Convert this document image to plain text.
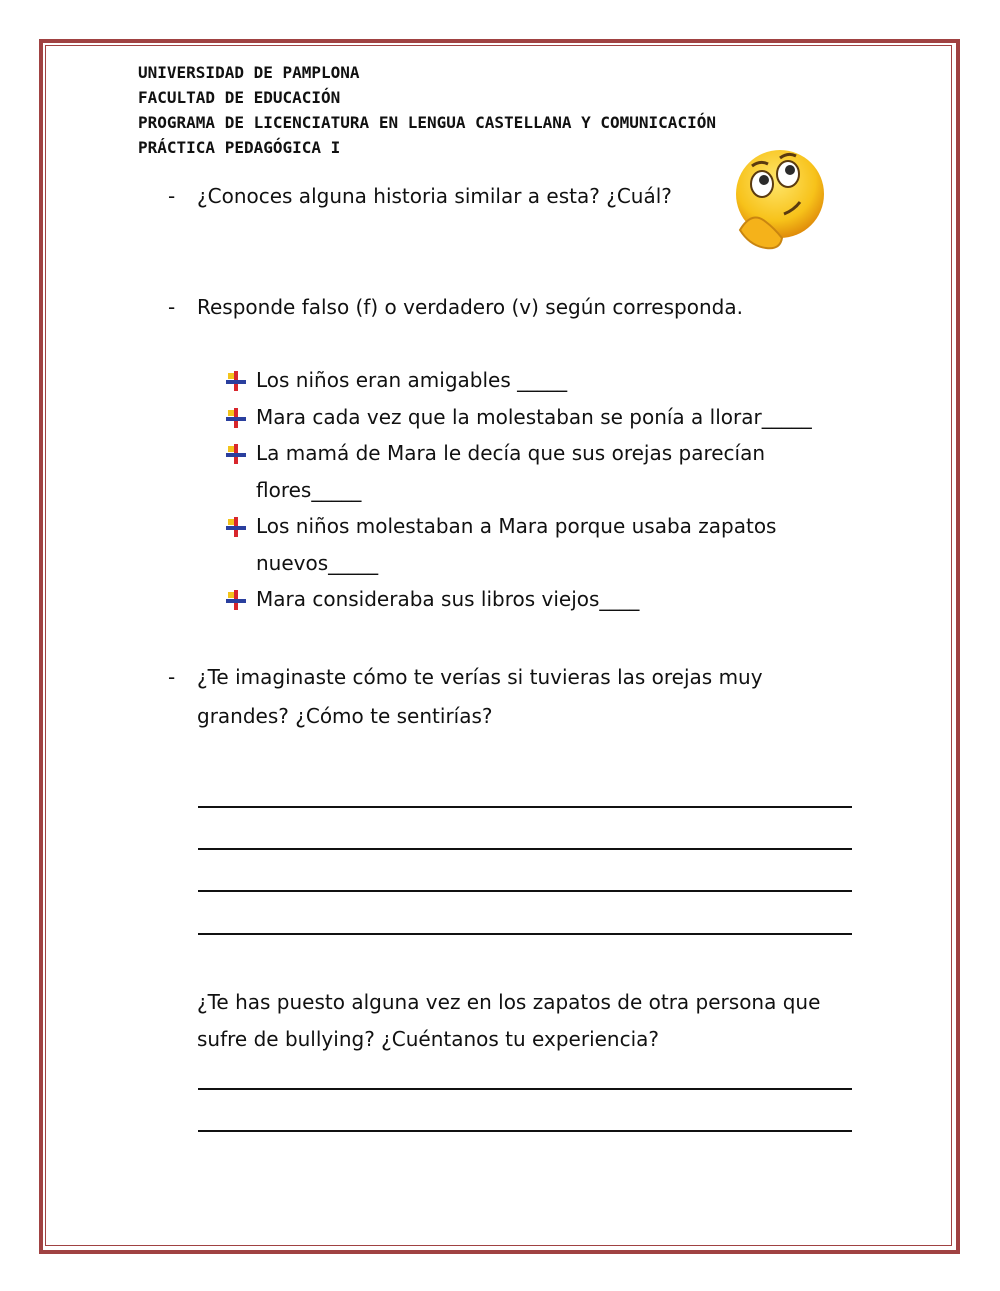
UNIVERSIDAD DE PAMPLONA
FACULTAD DE EDUCACIÓN
PROGRAMA DE LICENCIATURA EN LENGUA CASTELLANA Y COMUNICACIÓN
PRÁCTICA PEDAGÓGICA I
- ¿Conoces alguna historia similar a esta? ¿Cuál?
- Responde falso (f) o verdadero (v) según corresponda.
Los niños eran amigables _____
Mara cada vez que la molestaban se ponía a llorar_____
La mamá de Mara le decía que sus orejas parecían
flores_____
Los niños molestaban a Mara porque usaba zapatos
nuevos_____
Mara consideraba sus libros viejos____
- ¿Te imaginaste cómo te verías si tuvieras las orejas muy
grandes? ¿Cómo te sentirías?
¿Te has puesto alguna vez en los zapatos de otra persona que
sufre de bullying? ¿Cuéntanos tu experiencia?
